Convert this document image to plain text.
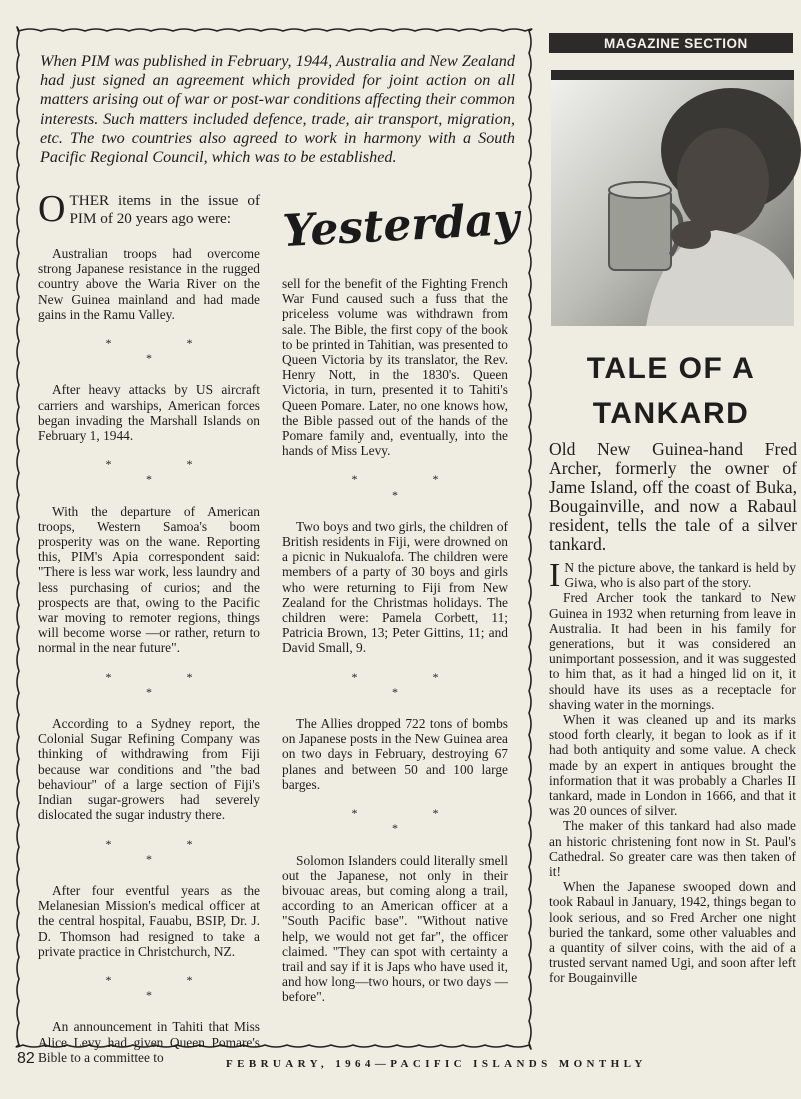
When PIM was published in February, 1944, Australia and New Zealand had just signed an agreement which provided for joint action on all matters arising out of war or post-war conditions affecting their common interests. Such matters included defence, trade, air transport, migration, etc. The two countries also agreed to work in harmony with a South Pacific Regional Council, which was to be established.

Yesterday

OTHER items in the issue of PIM of 20 years ago were:

Australian troops had overcome strong Japanese resistance in the rugged country above the Waria River on the New Guinea mainland and had made gains in the Ramu Valley.

* * *

After heavy attacks by US aircraft carriers and warships, American forces began invading the Marshall Islands on February 1, 1944.

* * *

With the departure of American troops, Western Samoa's boom prosperity was on the wane. Reporting this, PIM's Apia correspondent said: "There is less war work, less laundry and less purchasing of curios; and the prospects are that, owing to the Pacific war moving to remoter regions, things will become worse —or rather, return to normal in the near future".

* * *

According to a Sydney report, the Colonial Sugar Refining Company was thinking of withdrawing from Fiji because war conditions and "the bad behaviour" of a large section of Fiji's Indian sugar-growers had severely dislocated the sugar industry there.

* * *

After four eventful years as the Melanesian Mission's medical officer at the central hospital, Fauabu, BSIP, Dr. J. D. Thomson had resigned to take a private practice in Christchurch, NZ.

* * *

An announcement in Tahiti that Miss Alice Levy had given Queen Pomare's Bible to a committee to

sell for the benefit of the Fighting French War Fund caused such a fuss that the priceless volume was withdrawn from sale. The Bible, the first copy of the book to be printed in Tahitian, was presented to Queen Victoria by its translator, the Rev. Henry Nott, in the 1830's. Queen Victoria, in turn, presented it to Tahiti's Queen Pomare. Later, no one knows how, the Bible passed out of the hands of the Pomare family and, eventually, into the hands of Miss Levy.

* * *

Two boys and two girls, the children of British residents in Fiji, were drowned on a picnic in Nukualofa. The children were members of a party of 30 boys and girls who were returning to Fiji from New Zealand for the Christmas holidays. The children were: Pamela Corbett, 11; Patricia Brown, 13; Peter Gittins, 11; and David Small, 9.

* * *

The Allies dropped 722 tons of bombs on Japanese posts in the New Guinea area on two days in February, destroying 67 planes and between 50 and 100 large barges.

* * *

Solomon Islanders could literally smell out the Japanese, not only in their bivouac areas, but coming along a trail, according to an American officer at a "South Pacific base". "Without native help, we would not get far", the officer claimed. "They can spot with certainty a trail and say if it is Japs who have used it, and how long—two hours, or two days —before".

MAGAZINE SECTION
TALE OF A
TANKARD

Old New Guinea-hand Fred Archer, formerly the owner of Jame Island, off the coast of Buka, Bougainville, and now a Rabaul resident, tells the tale of a silver tankard.

I N the picture above, the tankard is held by Giwa, who is also part of the story.

Fred Archer took the tankard to New Guinea in 1932 when returning from leave in Australia. It had been in his family for generations, but it was considered an unimportant possession, and it was suggested to him that, as it had a hinged lid on it, it should have its uses as a receptacle for shaving water in the mornings.

When it was cleaned up and its marks stood forth clearly, it began to look as if it had both antiquity and some value. A check made by an expert in antiques brought the information that it was probably a Charles II tankard, made in London in 1666, and that it was 20 ounces of silver.

The maker of this tankard had also made an historic christening font now in St. Paul's Cathedral. So greater care was then taken of it!

When the Japanese swooped down and took Rabaul in January, 1942, things began to look serious, and so Fred Archer one night buried the tankard, some other valuables and a quantity of silver coins, with the aid of a trusted servant named Ugi, and soon after left for Bougainville

82	FEBRUARY, 1964—PACIFIC ISLANDS MONTHLY
